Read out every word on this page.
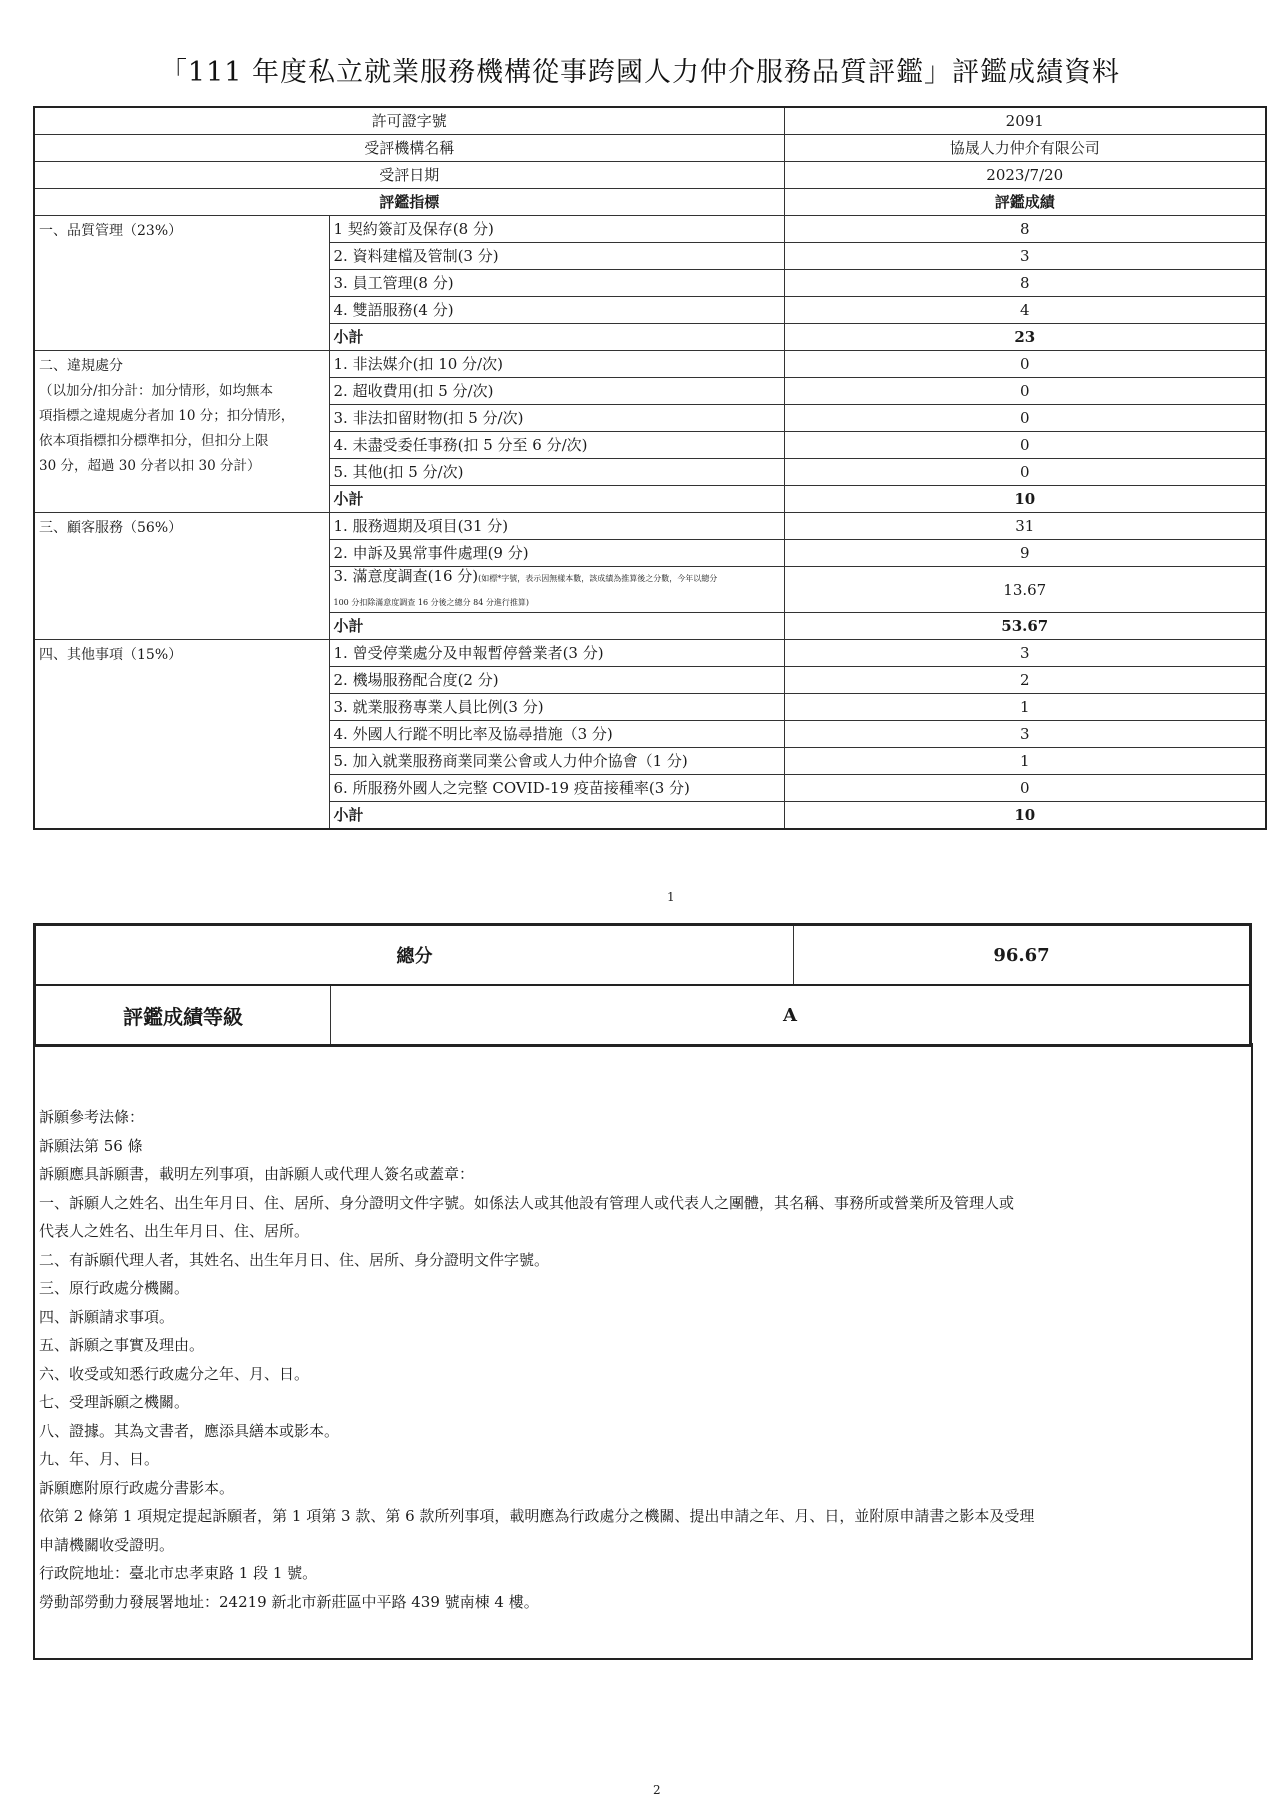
「111 年度私立就業服務機構從事跨國人力仲介服務品質評鑑」評鑑成績資料
許可證字號		2091
受評機構名稱		協晟人力仲介有限公司
受評日期		2023/7/20
評鑑指標		評鑑成績

一、品質管理（23%）	1 契約簽訂及保存(8 分)	8
	2. 資料建檔及管制(3 分)	3
	3. 員工管理(8 分)	8
	4. 雙語服務(4 分)	4
	小計	23

二、違規處分
（以加分/扣分計：加分情形，如均無本
項指標之違規處分者加 10 分；扣分情形，
依本項指標扣分標準扣分，但扣分上限
30 分，超過 30 分者以扣 30 分計）	1. 非法媒介(扣 10 分/次)	0
	2. 超收費用(扣 5 分/次)	0
	3. 非法扣留財物(扣 5 分/次)	0
	4. 未盡受委任事務(扣 5 分至 6 分/次)	0
	5. 其他(扣 5 分/次)	0
	小計	10

三、顧客服務（56%）	1. 服務週期及項目(31 分)	31
	2. 申訴及異常事件處理(9 分)	9
	3. 滿意度調查(16 分)(如標*字號，表示因無樣本數，該成績為推算後之分數，今年以總分
100 分扣除滿意度調查 16 分後之總分 84 分進行推算)	13.67
	小計	53.67

四、其他事項（15%）	1. 曾受停業處分及申報暫停營業者(3 分)	3
	2. 機場服務配合度(2 分)	2
	3. 就業服務專業人員比例(3 分)	1
	4. 外國人行蹤不明比率及協尋措施（3 分)	3
	5. 加入就業服務商業同業公會或人力仲介協會（1 分)	1
	6. 所服務外國人之完整 COVID-19 疫苗接種率(3 分)	0
	小計	10
1
總分		96.67
評鑑成績等級	A	
訴願參考法條：
訴願法第 56 條
訴願應具訴願書，載明左列事項，由訴願人或代理人簽名或蓋章：
一、訴願人之姓名、出生年月日、住、居所、身分證明文件字號。如係法人或其他設有管理人或代表人之團體，其名稱、事務所或營業所及管理人或
代表人之姓名、出生年月日、住、居所。
二、有訴願代理人者，其姓名、出生年月日、住、居所、身分證明文件字號。
三、原行政處分機關。
四、訴願請求事項。
五、訴願之事實及理由。
六、收受或知悉行政處分之年、月、日。
七、受理訴願之機關。
八、證據。其為文書者，應添具繕本或影本。
九、年、月、日。
訴願應附原行政處分書影本。
依第 2 條第 1 項規定提起訴願者，第 1 項第 3 款、第 6 款所列事項，載明應為行政處分之機關、提出申請之年、月、日，並附原申請書之影本及受理
申請機關收受證明。
行政院地址：臺北市忠孝東路 1 段 1 號。
勞動部勞動力發展署地址：24219 新北市新莊區中平路 439 號南棟 4 樓。
2
